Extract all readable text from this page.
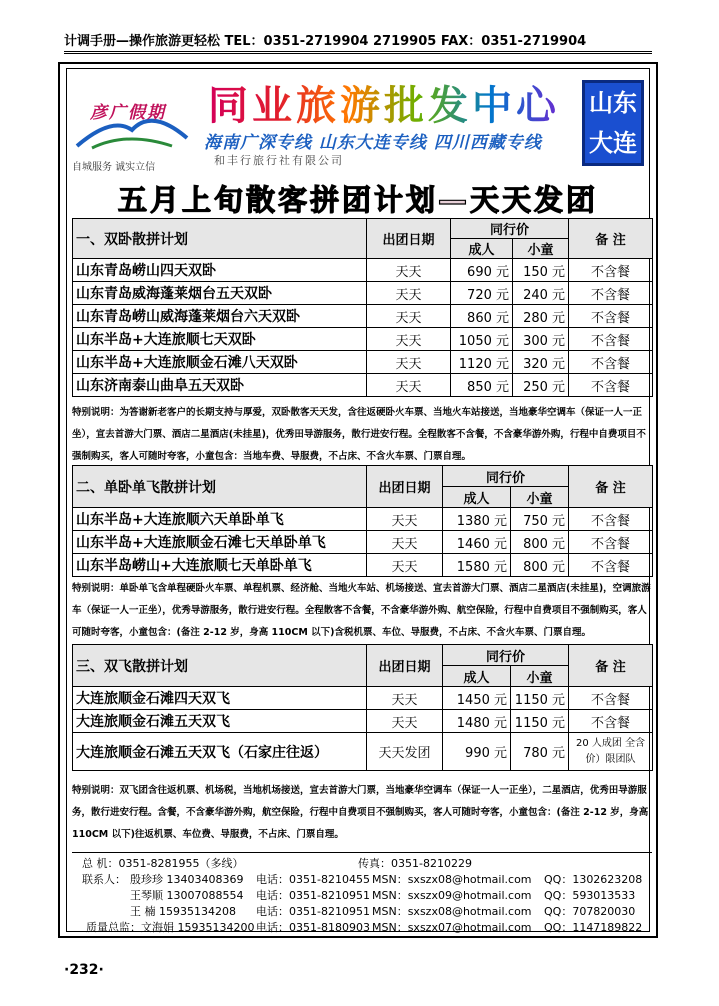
计调手册—操作旅游更轻松 TEL：0351-2719904 2719905 FAX：0351-2719904
彦广假期
自城服务 诚实立信
同业旅游批发中心
海南广深专线 山东大连专线 四川西藏专线
和丰行旅行社有限公司
山东
大连
五月上旬散客拼团计划—天天发团
一、双卧散拼计划	出团日期	同行价		备 注
		成人	小童	
山东青岛崂山四天双卧	天天	690 元	150 元	不含餐
山东青岛威海蓬莱烟台五天双卧	天天	720 元	240 元	不含餐
山东青岛崂山威海蓬莱烟台六天双卧	天天	860 元	280 元	不含餐
山东半岛+大连旅顺七天双卧	天天	1050 元	300 元	不含餐
山东半岛+大连旅顺金石滩八天双卧	天天	1120 元	320 元	不含餐
山东济南泰山曲阜五天双卧	天天	850 元	250 元	不含餐
特别说明：为答谢新老客户的长期支持与厚爱，双卧散客天天发，含往返硬卧火车票、当地火车站接送，当地豪华空调车（保证一人一正坐），宣去首游大门票、酒店二星酒店(未挂星)，优秀田导游服务，散行进安行程。全程散客不含餐，不含豪华游外购，行程中自费项目不强制购买，客人可随时夸客，小童包含：当地车费、导服费，不占床、不含火车票、门票自理。
二、单卧单飞散拼计划	出团日期	同行价		备 注
		成人	小童	
山东半岛+大连旅顺六天单卧单飞	天天	1380 元	750 元	不含餐
山东半岛+大连旅顺金石滩七天单卧单飞	天天	1460 元	800 元	不含餐
山东半岛崂山+大连旅顺七天单卧单飞	天天	1580 元	800 元	不含餐
特别说明：单卧单飞含单程硬卧火车票、单程机票、经济舱、当地火车站、机场接送、宣去首游大门票、酒店二星酒店(未挂星)，空调旅游车（保证一人一正坐），优秀导游服务，散行进安行程。全程散客不含餐，不含豪华游外购、航空保险，行程中自费项目不强制购买，客人可随时夸客，小童包含：(备注 2-12 岁，身高 110CM 以下)含税机票、车位、导服费，不占床、不含火车票、门票自理。
三、双飞散拼计划	出团日期	同行价		备 注
		成人	小童	
大连旅顺金石滩四天双飞	天天	1450 元	1150 元	不含餐
大连旅顺金石滩五天双飞	天天	1480 元	1150 元	不含餐
大连旅顺金石滩五天双飞（石家庄往返）	天天发团	990 元	780 元	20 人成团 全含价）限团队
特别说明：双飞团含往返机票、机场税，当地机场接送，宣去首游大门票，当地豪华空调车（保证一人一正坐），二星酒店，优秀田导游服务，散行进安行程。含餐，不含豪华游外购，航空保险，行程中自费项目不强制购买，客人可随时夸客，小童包含：(备注 2-12 岁，身高 110CM 以下)往返机票、车位费、导服费，不占床、门票自理。
总 机：0351-8281955（多线）	传真：0351-8210229
联系人： 殷珍珍 13403408369 电话：0351-8210455 MSN：sxszx08@hotmail.com QQ：1302623208
王琴顺 13007088554 电话：0351-8210951 MSN：sxszx09@hotmail.com QQ：593013533
王 楠 15935134208 电话：0351-8210951 MSN：sxszx08@hotmail.com QQ：707820030
质量总监：文海娟 15935134200 电话：0351-8180903 MSN：sxszx07@hotmail.com QQ：1147189822
·232·
